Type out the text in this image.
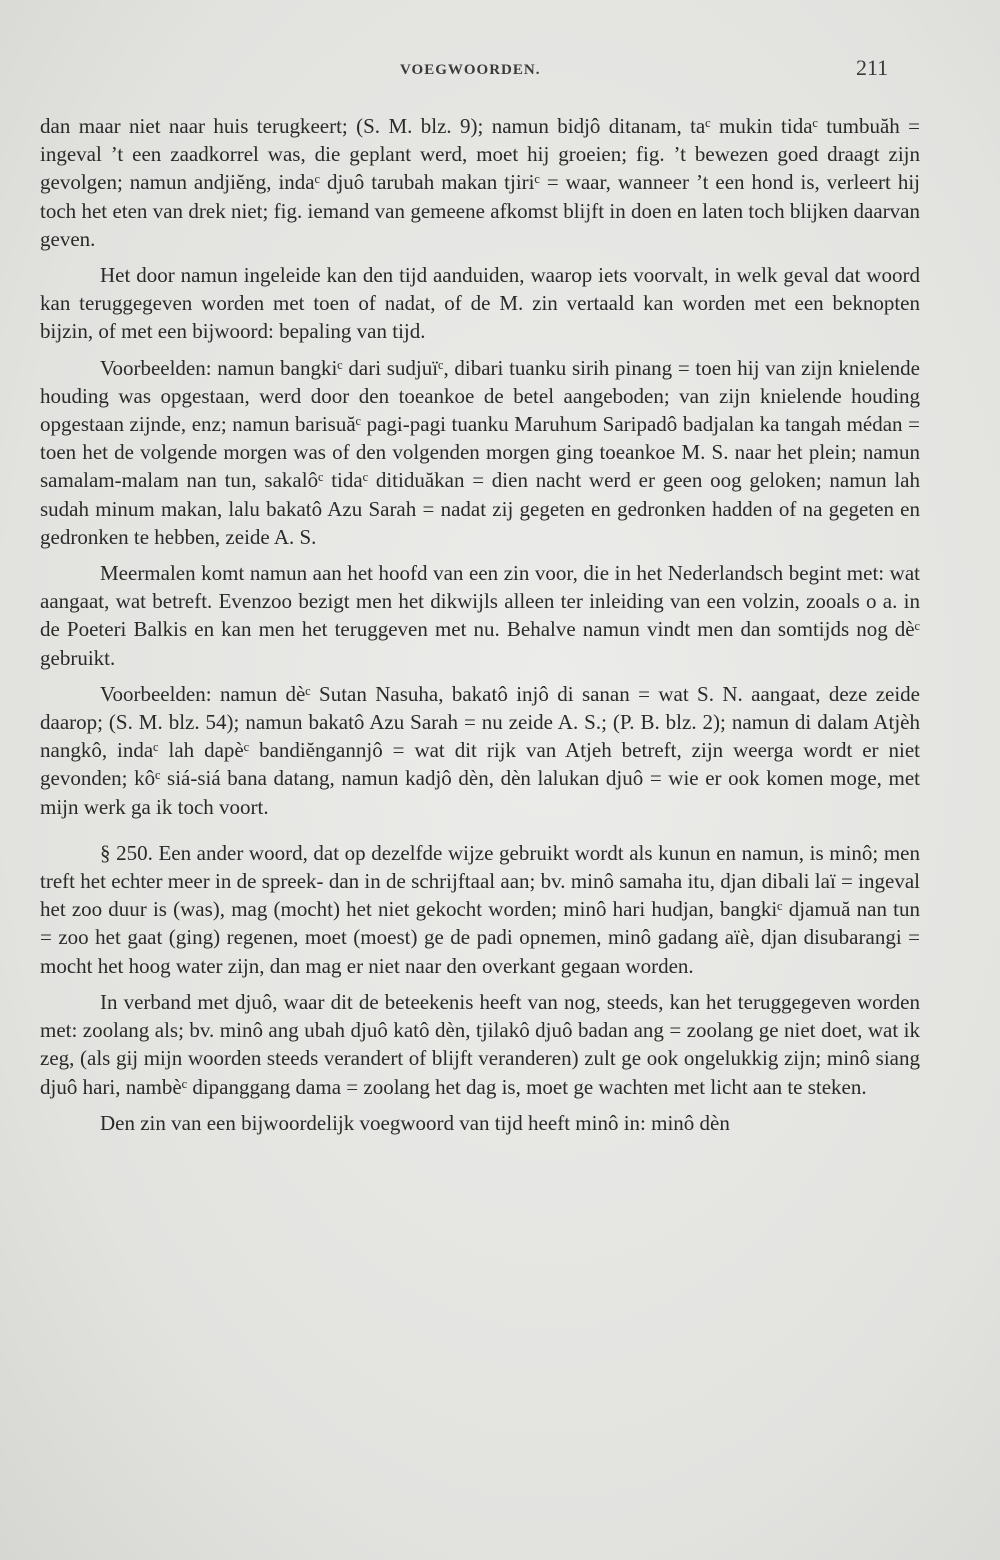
VOEGWOORDEN.	211

dan maar niet naar huis terugkeert; (S. M. blz. 9); namun bidjô ditanam, taᶜ mukin tidaᶜ tumbuăh = ingeval ’t een zaadkorrel was, die geplant werd, moet hij groeien; fig. ’t bewezen goed draagt zijn gevolgen; namun andjiĕng, indaᶜ djuô tarubah makan tjiriᶜ = waar, wanneer ’t een hond is, verleert hij toch het eten van drek niet; fig. iemand van gemeene afkomst blijft in doen en laten toch blijken daarvan geven.

Het door namun ingeleide kan den tijd aanduiden, waarop iets voorvalt, in welk geval dat woord kan teruggegeven worden met toen of nadat, of de M. zin vertaald kan worden met een beknopten bijzin, of met een bijwoord: bepaling van tijd.

Voorbeelden: namun bangkiᶜ dari sudjuïᶜ, dibari tuanku sirih pinang = toen hij van zijn knielende houding was opgestaan, werd door den toeankoe de betel aangeboden; van zijn knielende houding opgestaan zijnde, enz; namun barisuăᶜ pagi-pagi tuanku Maruhum Saripadô badjalan ka tangah médan = toen het de volgende morgen was of den volgenden morgen ging toeankoe M. S. naar het plein; namun samalam-malam nan tun, sakalôᶜ tidaᶜ ditiduăkan = dien nacht werd er geen oog geloken; namun lah sudah minum makan, lalu bakatô Azu Sarah = nadat zij gegeten en gedronken hadden of na gegeten en gedronken te hebben, zeide A. S.

Meermalen komt namun aan het hoofd van een zin voor, die in het Nederlandsch begint met: wat aangaat, wat betreft. Evenzoo bezigt men het dikwijls alleen ter inleiding van een volzin, zooals o a. in de Poeteri Balkis en kan men het teruggeven met nu. Behalve namun vindt men dan somtijds nog dèᶜ gebruikt.

Voorbeelden: namun dèᶜ Sutan Nasuha, bakatô injô di sanan = wat S. N. aangaat, deze zeide daarop; (S. M. blz. 54); namun bakatô Azu Sarah = nu zeide A. S.; (P. B. blz. 2); namun di dalam Atjèh nangkô, indaᶜ lah dapèᶜ bandiĕngannjô = wat dit rijk van Atjeh betreft, zijn weerga wordt er niet gevonden; kôᶜ siá-siá bana datang, namun kadjô dèn, dèn lalukan djuô = wie er ook komen moge, met mijn werk ga ik toch voort.

§ 250. Een ander woord, dat op dezelfde wijze gebruikt wordt als kunun en namun, is minô; men treft het echter meer in de spreek- dan in de schrijftaal aan; bv. minô samaha itu, djan dibali laï = ingeval het zoo duur is (was), mag (mocht) het niet gekocht worden; minô hari hudjan, bangkiᶜ djamuă nan tun = zoo het gaat (ging) regenen, moet (moest) ge de padi opnemen, minô gadang aïè, djan disubarangi = mocht het hoog water zijn, dan mag er niet naar den overkant gegaan worden.

In verband met djuô, waar dit de beteekenis heeft van nog, steeds, kan het teruggegeven worden met: zoolang als; bv. minô ang ubah djuô katô dèn, tjilakô djuô badan ang = zoolang ge niet doet, wat ik zeg, (als gij mijn woorden steeds verandert of blijft veranderen) zult ge ook ongelukkig zijn; minô siang djuô hari, nambèᶜ dipanggang dama = zoolang het dag is, moet ge wachten met licht aan te steken.

Den zin van een bijwoordelijk voegwoord van tijd heeft minô in: minô dèn
